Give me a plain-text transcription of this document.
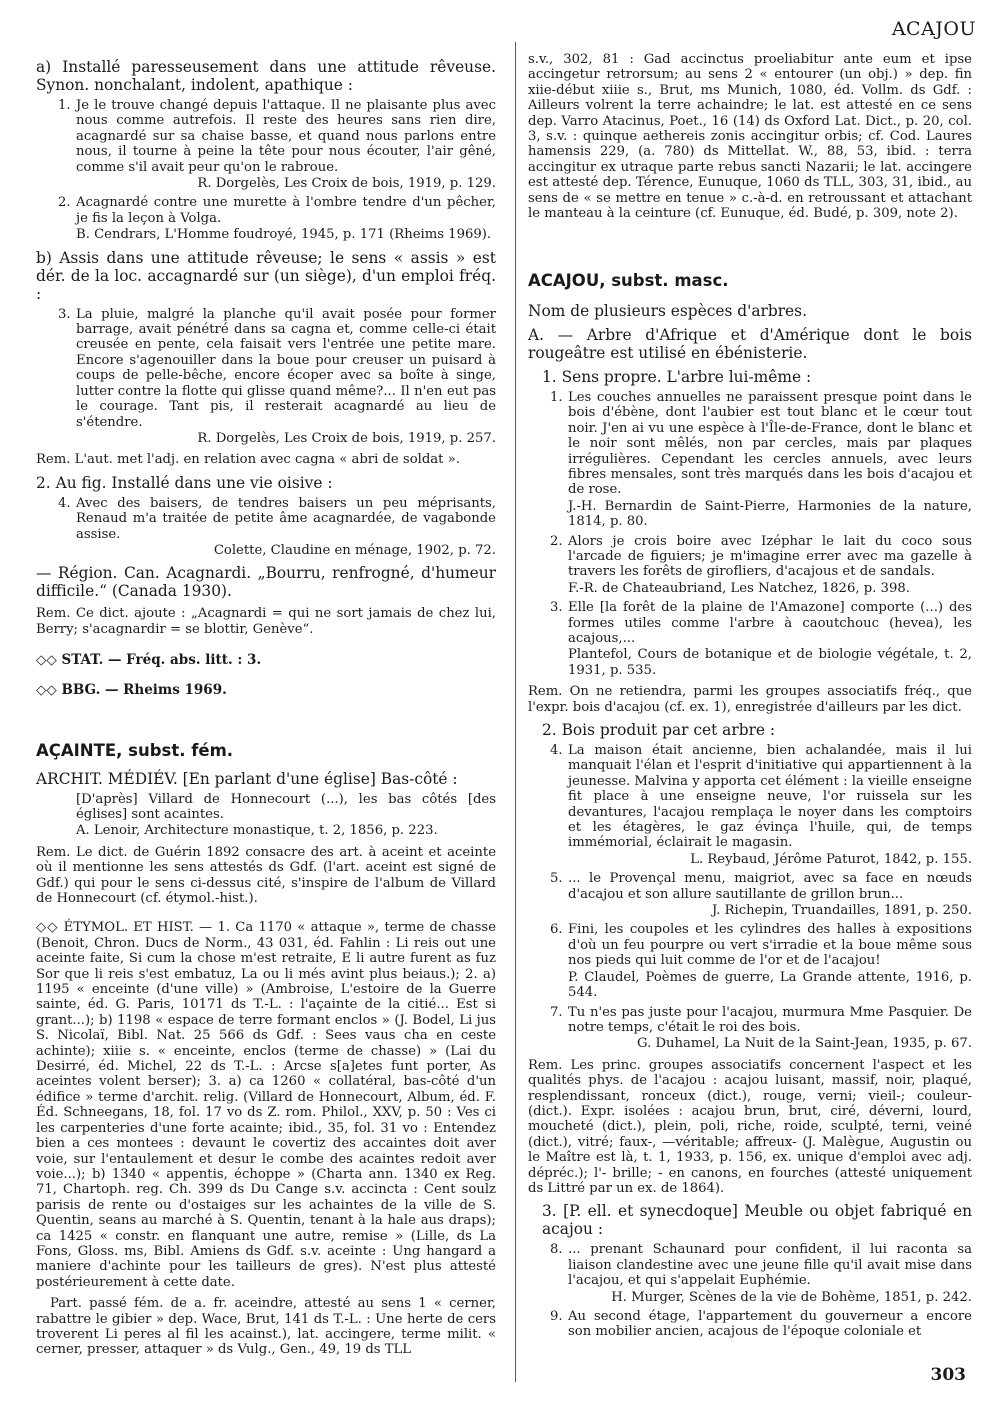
ACAJOU

a) Installé paresseusement dans une attitude rêveuse. Synon. nonchalant, indolent, apathique :

1. Je le trouve changé depuis l'attaque. Il ne plaisante plus avec nous comme autrefois. Il reste des heures sans rien dire, acagnardé sur sa chaise basse, et quand nous parlons entre nous, il tourne à peine la tête pour nous écouter, l'air gêné, comme s'il avait peur qu'on le rabroue.

R. Dorgelès, Les Croix de bois, 1919, p. 129.

2. Acagnardé contre une murette à l'ombre tendre d'un pêcher, je fis la leçon à Volga.

B. Cendrars, L'Homme foudroyé, 1945, p. 171 (Rheims 1969).

b) Assis dans une attitude rêveuse; le sens « assis » est dér. de la loc. accagnardé sur (un siège), d'un emploi fréq. :

3. La pluie, malgré la planche qu'il avait posée pour former barrage, avait pénétré dans sa cagna et, comme celle-ci était creusée en pente, cela faisait vers l'entrée une petite mare. Encore s'agenouiller dans la boue pour creuser un puisard à coups de pelle-bêche, encore écoper avec sa boîte à singe, lutter contre la flotte qui glisse quand même?... Il n'en eut pas le courage. Tant pis, il resterait acagnardé au lieu de s'étendre.

R. Dorgelès, Les Croix de bois, 1919, p. 257.

Rem. L'aut. met l'adj. en relation avec cagna « abri de soldat ».

2. Au fig. Installé dans une vie oisive :

4. Avec des baisers, de tendres baisers un peu méprisants, Renaud m'a traitée de petite âme acagnardée, de vagabonde assise.

Colette, Claudine en ménage, 1902, p. 72.

— Région. Can. Acagnardi. „Bourru, renfrogné, d'humeur difficile.“ (Canada 1930).

Rem. Ce dict. ajoute : „Acagnardi = qui ne sort jamais de chez lui, Berry; s'acagnardir = se blottir, Genève“.

◇◇ STAT. — Fréq. abs. litt. : 3.

◇◇ BBG. — Rheims 1969.

AÇAINTE, subst. fém.

ARCHIT. MÉDIÉV. [En parlant d'une église] Bas-côté :

[D'après] Villard de Honnecourt (...), les bas côtés [des églises] sont acaintes.

A. Lenoir, Architecture monastique, t. 2, 1856, p. 223.

Rem. Le dict. de Guérin 1892 consacre des art. à aceint et aceinte où il mentionne les sens attestés ds Gdf. (l'art. aceint est signé de Gdf.) qui pour le sens ci-dessus cité, s'inspire de l'album de Villard de Honnecourt (cf. étymol.-hist.).

◇◇ ÉTYMOL. ET HIST. — 1. Ca 1170 « attaque », terme de chasse (Benoit, Chron. Ducs de Norm., 43 031, éd. Fahlin : Li reis out une aceinte faite, Si cum la chose m'est retraite, E li autre furent as fuz Sor que li reis s'est embatuz, La ou li més avint plus beiaus.); 2. a) 1195 « enceinte (d'une ville) » (Ambroise, L'estoire de la Guerre sainte, éd. G. Paris, 10171 ds T.-L. : l'açainte de la citié... Est si grant...); b) 1198 « espace de terre formant enclos » (J. Bodel, Li jus S. Nicolaï, Bibl. Nat. 25 566 ds Gdf. : Sees vaus cha en ceste achinte); xiiie s. « enceinte, enclos (terme de chasse) » (Lai du Desirré, éd. Michel, 22 ds T.-L. : Arcse s[a]etes funt porter, As aceintes volent berser); 3. a) ca 1260 « collatéral, bas-côté d'un édifice » terme d'archit. relig. (Villard de Honnecourt, Album, éd. F. Éd. Schneegans, 18, fol. 17 vo ds Z. rom. Philol., XXV, p. 50 : Ves ci les carpenteries d'une forte acainte; ibid., 35, fol. 31 vo : Entendez bien a ces montees : devaunt le covertiz des accaintes doit aver voie, sur l'entaulement et desur le combe des acaintes redoit aver voie...); b) 1340 « appentis, échoppe » (Charta ann. 1340 ex Reg. 71, Chartoph. reg. Ch. 399 ds Du Cange s.v. accincta : Cent soulz parisis de rente ou d'ostaiges sur les achaintes de la ville de S. Quentin, seans au marché à S. Quentin, tenant à la hale aus draps); ca 1425 « constr. en flanquant une autre, remise » (Lille, ds La Fons, Gloss. ms, Bibl. Amiens ds Gdf. s.v. aceinte : Ung hangard a maniere d'achinte pour les tailleurs de gres). N'est plus attesté postérieurement à cette date.

Part. passé fém. de a. fr. aceindre, attesté au sens 1 « cerner, rabattre le gibier » dep. Wace, Brut, 141 ds T.-L. : Une herte de cers troverent Li peres al fil les acainst.), lat. accingere, terme milit. « cerner, presser, attaquer » ds Vulg., Gen., 49, 19 ds TLL

s.v., 302, 81 : Gad accinctus proeliabitur ante eum et ipse accingetur retrorsum; au sens 2 « entourer (un obj.) » dep. fin xiie-début xiiie s., Brut, ms Munich, 1080, éd. Vollm. ds Gdf. : Ailleurs volrent la terre achaindre; le lat. est attesté en ce sens dep. Varro Atacinus, Poet., 16 (14) ds Oxford Lat. Dict., p. 20, col. 3, s.v. : quinque aethereis zonis accingitur orbis; cf. Cod. Laures hamensis 229, (a. 780) ds Mittellat. W., 88, 53, ibid. : terra accingitur ex utraque parte rebus sancti Nazarii; le lat. accingere est attesté dep. Térence, Eunuque, 1060 ds TLL, 303, 31, ibid., au sens de « se mettre en tenue » c.-à-d. en retroussant et attachant le manteau à la ceinture (cf. Eunuque, éd. Budé, p. 309, note 2).

ACAJOU, subst. masc.

Nom de plusieurs espèces d'arbres.

A. — Arbre d'Afrique et d'Amérique dont le bois rougeâtre est utilisé en ébénisterie.

1. Sens propre. L'arbre lui-même :

1. Les couches annuelles ne paraissent presque point dans le bois d'ébène, dont l'aubier est tout blanc et le cœur tout noir. J'en ai vu une espèce à l'Île-de-France, dont le blanc et le noir sont mêlés, non par cercles, mais par plaques irrégulières. Cependant les cercles annuels, avec leurs fibres mensales, sont très marqués dans les bois d'acajou et de rose.

J.-H. Bernardin de Saint-Pierre, Harmonies de la nature, 1814, p. 80.

2. Alors je crois boire avec Izéphar le lait du coco sous l'arcade de figuiers; je m'imagine errer avec ma gazelle à travers les forêts de girofliers, d'acajous et de sandals.

F.-R. de Chateaubriand, Les Natchez, 1826, p. 398.

3. Elle [la forêt de la plaine de l'Amazone] comporte (...) des formes utiles comme l'arbre à caoutchouc (hevea), les acajous,...

Plantefol, Cours de botanique et de biologie végétale, t. 2, 1931, p. 535.

Rem. On ne retiendra, parmi les groupes associatifs fréq., que l'expr. bois d'acajou (cf. ex. 1), enregistrée d'ailleurs par les dict.

2. Bois produit par cet arbre :

4. La maison était ancienne, bien achalandée, mais il lui manquait l'élan et l'esprit d'initiative qui appartiennent à la jeunesse. Malvina y apporta cet élément : la vieille enseigne fit place à une enseigne neuve, l'or ruissela sur les devantures, l'acajou remplaça le noyer dans les comptoirs et les étagères, le gaz évinça l'huile, qui, de temps immémorial, éclairait le magasin.

L. Reybaud, Jérôme Paturot, 1842, p. 155.

5. ... le Provençal menu, maigriot, avec sa face en nœuds d'acajou et son allure sautillante de grillon brun...

J. Richepin, Truandailles, 1891, p. 250.

6. Fini, les coupoles et les cylindres des halles à expositions d'où un feu pourpre ou vert s'irradie et la boue même sous nos pieds qui luit comme de l'or et de l'acajou!

P. Claudel, Poèmes de guerre, La Grande attente, 1916, p. 544.

7. Tu n'es pas juste pour l'acajou, murmura Mme Pasquier. De notre temps, c'était le roi des bois.

G. Duhamel, La Nuit de la Saint-Jean, 1935, p. 67.

Rem. Les princ. groupes associatifs concernent l'aspect et les qualités phys. de l'acajou : acajou luisant, massif, noir, plaqué, resplendissant, ronceux (dict.), rouge, verni; vieil-; couleur- (dict.). Expr. isolées : acajou brun, brut, ciré, déverni, lourd, moucheté (dict.), plein, poli, riche, roide, sculpté, terni, veiné (dict.), vitré; faux-, —véritable; affreux- (J. Malègue, Augustin ou le Maître est là, t. 1, 1933, p. 156, ex. unique d'emploi avec adj. dépréc.); l'- brille; - en canons, en fourches (attesté uniquement ds Littré par un ex. de 1864).

3. [P. ell. et synecdoque] Meuble ou objet fabriqué en acajou :

8. ... prenant Schaunard pour confident, il lui raconta sa liaison clandestine avec une jeune fille qu'il avait mise dans l'acajou, et qui s'appelait Euphémie.

H. Murger, Scènes de la vie de Bohème, 1851, p. 242.

9. Au second étage, l'appartement du gouverneur a encore son mobilier ancien, acajous de l'époque coloniale et

303
